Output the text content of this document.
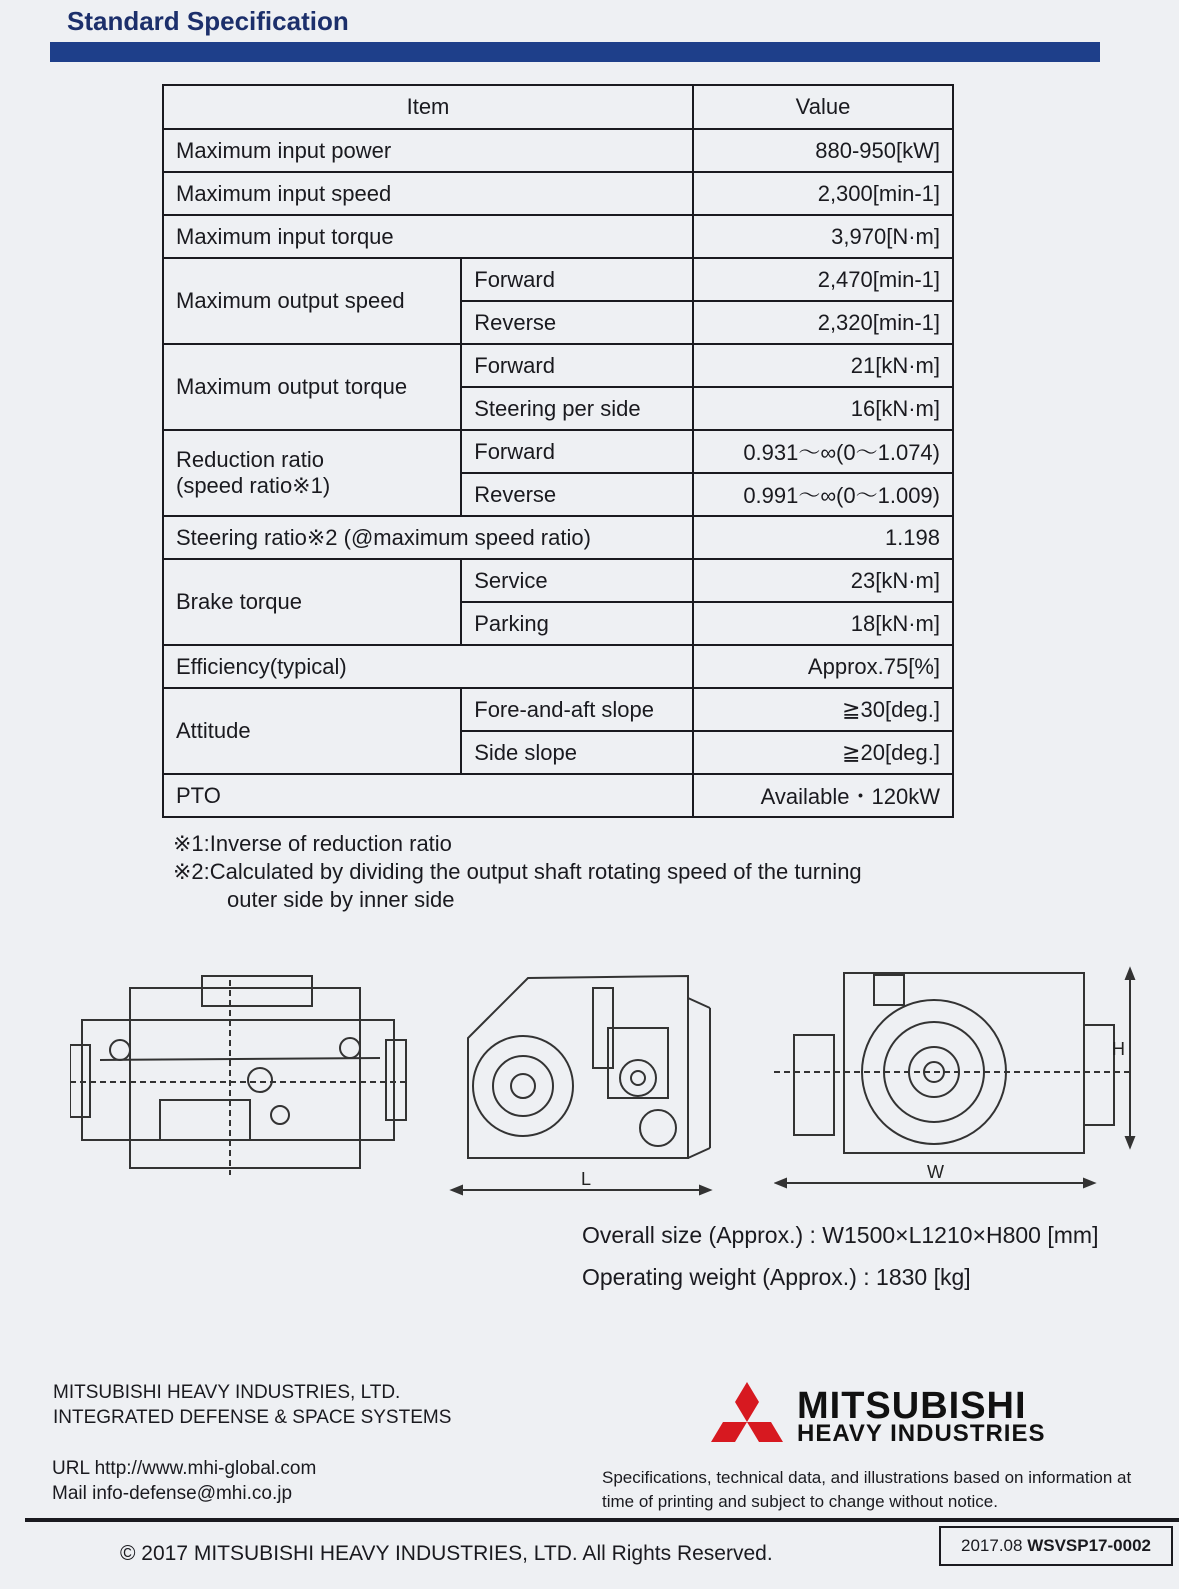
Standard Specification
Item		Value
Maximum input power		880-950[kW]
Maximum input speed		2,300[min-1]
Maximum input torque		3,970[N·m]
Maximum output speed	Forward	2,470[min-1]
	Reverse	2,320[min-1]
Maximum output torque	Forward	21[kN·m]
	Steering per side	16[kN·m]

Reduction ratio
(speed ratio※1)	Forward	0.931～∞(0～1.074)
	Reverse	0.991～∞(0～1.009)
Steering ratio※2 (@maximum speed ratio)		1.198
Brake torque	Service	23[kN·m]
	Parking	18[kN·m]
Efficiency(typical)		Approx.75[%]
Attitude	Fore-and-aft slope	≧30[deg.]
	Side slope	≧20[deg.]
PTO		Available・120kW
※1:Inverse of reduction ratio
※2:Calculated by dividing the output shaft rotating speed of the turning
outer side by inner side
L	W
H
Overall size (Approx.) : W1500×L1210×H800 [mm]
Operating weight (Approx.) : 1830 [kg]
MITSUBISHI HEAVY INDUSTRIES, LTD.
INTEGRATED DEFENSE & SPACE SYSTEMS
URL http://www.mhi-global.com
Mail info-defense@mhi.co.jp
MITSUBISHI
HEAVY INDUSTRIES
Specifications, technical data, and illustrations based on information at
time of printing and subject to change without notice.
© 2017 MITSUBISHI HEAVY INDUSTRIES, LTD. All Rights Reserved.	2017.08 WSVSP17-0002
